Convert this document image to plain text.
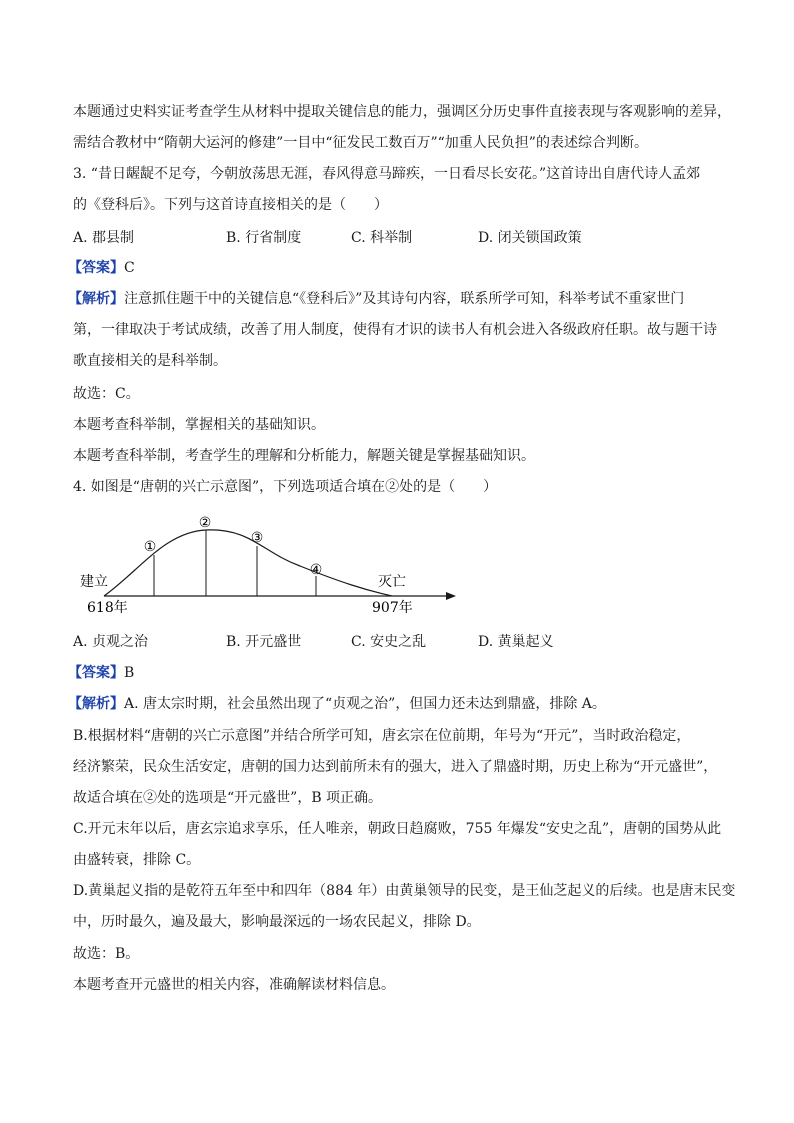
本题通过史料实证考查学生从材料中提取关键信息的能力，强调区分历史事件直接表现与客观影响的差异，
需结合教材中“隋朝大运河的修建”一目中“征发民工数百万”“加重人民负担”的表述综合判断。
3. “昔日龌龊不足夸，今朝放荡思无涯，春风得意马蹄疾，一日看尽长安花。”这首诗出自唐代诗人孟郊
的《登科后》。下列与这首诗直接相关的是（　　）
A. 郡县制	B. 行省制度	C. 科举制	D. 闭关锁国政策
【答案】C
【解析】注意抓住题干中的关键信息“《登科后》”及其诗句内容，联系所学可知，科举考试不重家世门
第，一律取决于考试成绩，改善了用人制度，使得有才识的读书人有机会进入各级政府任职。故与题干诗
歌直接相关的是科举制。
故选：C。
本题考查科举制，掌握相关的基础知识。
本题考查科举制，考查学生的理解和分析能力，解题关键是掌握基础知识。
4. 如图是“唐朝的兴亡示意图”，下列选项适合填在②处的是（　　）
①
②
③
④
建立	灭亡
618年	907年
A. 贞观之治	B. 开元盛世	C. 安史之乱	D. 黄巢起义
【答案】B
【解析】A. 唐太宗时期，社会虽然出现了“贞观之治”，但国力还未达到鼎盛，排除 A。
B.根据材料“唐朝的兴亡示意图”并结合所学可知，唐玄宗在位前期，年号为“开元”，当时政治稳定，
经济繁荣，民众生活安定，唐朝的国力达到前所未有的强大，进入了鼎盛时期，历史上称为“开元盛世”，
故适合填在②处的选项是“开元盛世”，B 项正确。
C.开元末年以后，唐玄宗追求享乐，任人唯亲，朝政日趋腐败，755 年爆发“安史之乱”，唐朝的国势从此
由盛转衰，排除 C。
D.黄巢起义指的是乾符五年至中和四年（884 年）由黄巢领导的民变，是王仙芝起义的后续。也是唐末民变
中，历时最久，遍及最大，影响最深远的一场农民起义，排除 D。
故选：B。
本题考查开元盛世的相关内容，准确解读材料信息。
